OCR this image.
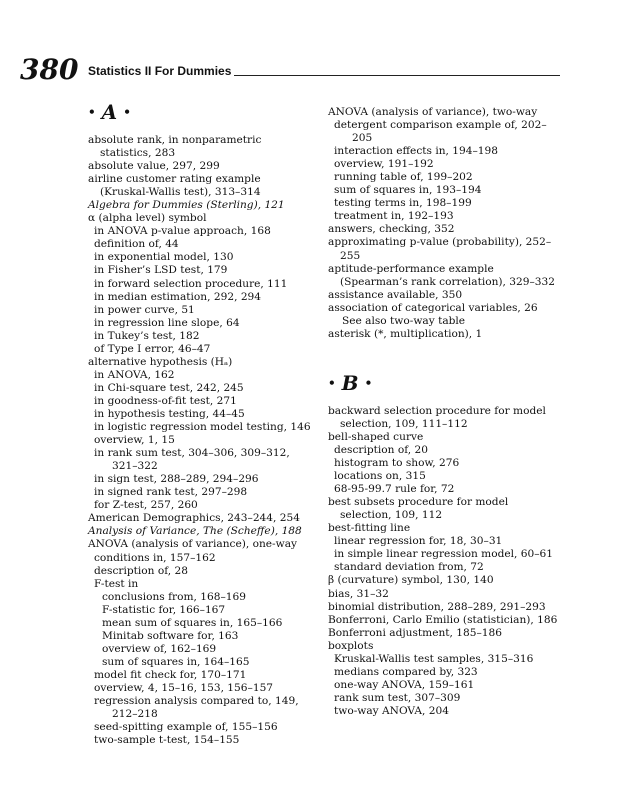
380 Statistics II For Dummies
• A •
absolute rank, in nonparametric statistics, 283
absolute value, 297, 299
airline customer rating example (Kruskal-Wallis test), 313–314
Algebra for Dummies (Sterling), 121
α (alpha level) symbol
in ANOVA p-value approach, 168
definition of, 44
in exponential model, 130
in Fisher’s LSD test, 179
in forward selection procedure, 111
in median estimation, 292, 294
in power curve, 51
in regression line slope, 64
in Tukey’s test, 182
of Type I error, 46–47
alternative hypothesis (Hₐ)
in ANOVA, 162
in Chi-square test, 242, 245
in goodness-of-fit test, 271
in hypothesis testing, 44–45
in logistic regression model testing, 146
overview, 1, 15
in rank sum test, 304–306, 309–312, 321–322
in sign test, 288–289, 294–296
in signed rank test, 297–298
for Z-test, 257, 260
American Demographics, 243–244, 254
Analysis of Variance, The (Scheffe), 188
ANOVA (analysis of variance), one-way
conditions in, 157–162
description of, 28
F-test in
conclusions from, 168–169
F-statistic for, 166–167
mean sum of squares in, 165–166
Minitab software for, 163
overview of, 162–169
sum of squares in, 164–165
model fit check for, 170–171
overview, 4, 15–16, 153, 156–157
regression analysis compared to, 149, 212–218
seed-spitting example of, 155–156
two-sample t-test, 154–155
ANOVA (analysis of variance), two-way
detergent comparison example of, 202–205
interaction effects in, 194–198
overview, 191–192
running table of, 199–202
sum of squares in, 193–194
testing terms in, 198–199
treatment in, 192–193
answers, checking, 352
approximating p-value (probability), 252–255
aptitude-performance example (Spearman’s rank correlation), 329–332
assistance available, 350
association of categorical variables, 26
See also two-way table
asterisk (*, multiplication), 1
• B •
backward selection procedure for model selection, 109, 111–112
bell-shaped curve
description of, 20
histogram to show, 276
locations on, 315
68-95-99.7 rule for, 72
best subsets procedure for model selection, 109, 112
best-fitting line
linear regression for, 18, 30–31
in simple linear regression model, 60–61
standard deviation from, 72
β (curvature) symbol, 130, 140
bias, 31–32
binomial distribution, 288–289, 291–293
Bonferroni, Carlo Emilio (statistician), 186
Bonferroni adjustment, 185–186
boxplots
Kruskal-Wallis test samples, 315–316
medians compared by, 323
one-way ANOVA, 159–161
rank sum test, 307–309
two-way ANOVA, 204
